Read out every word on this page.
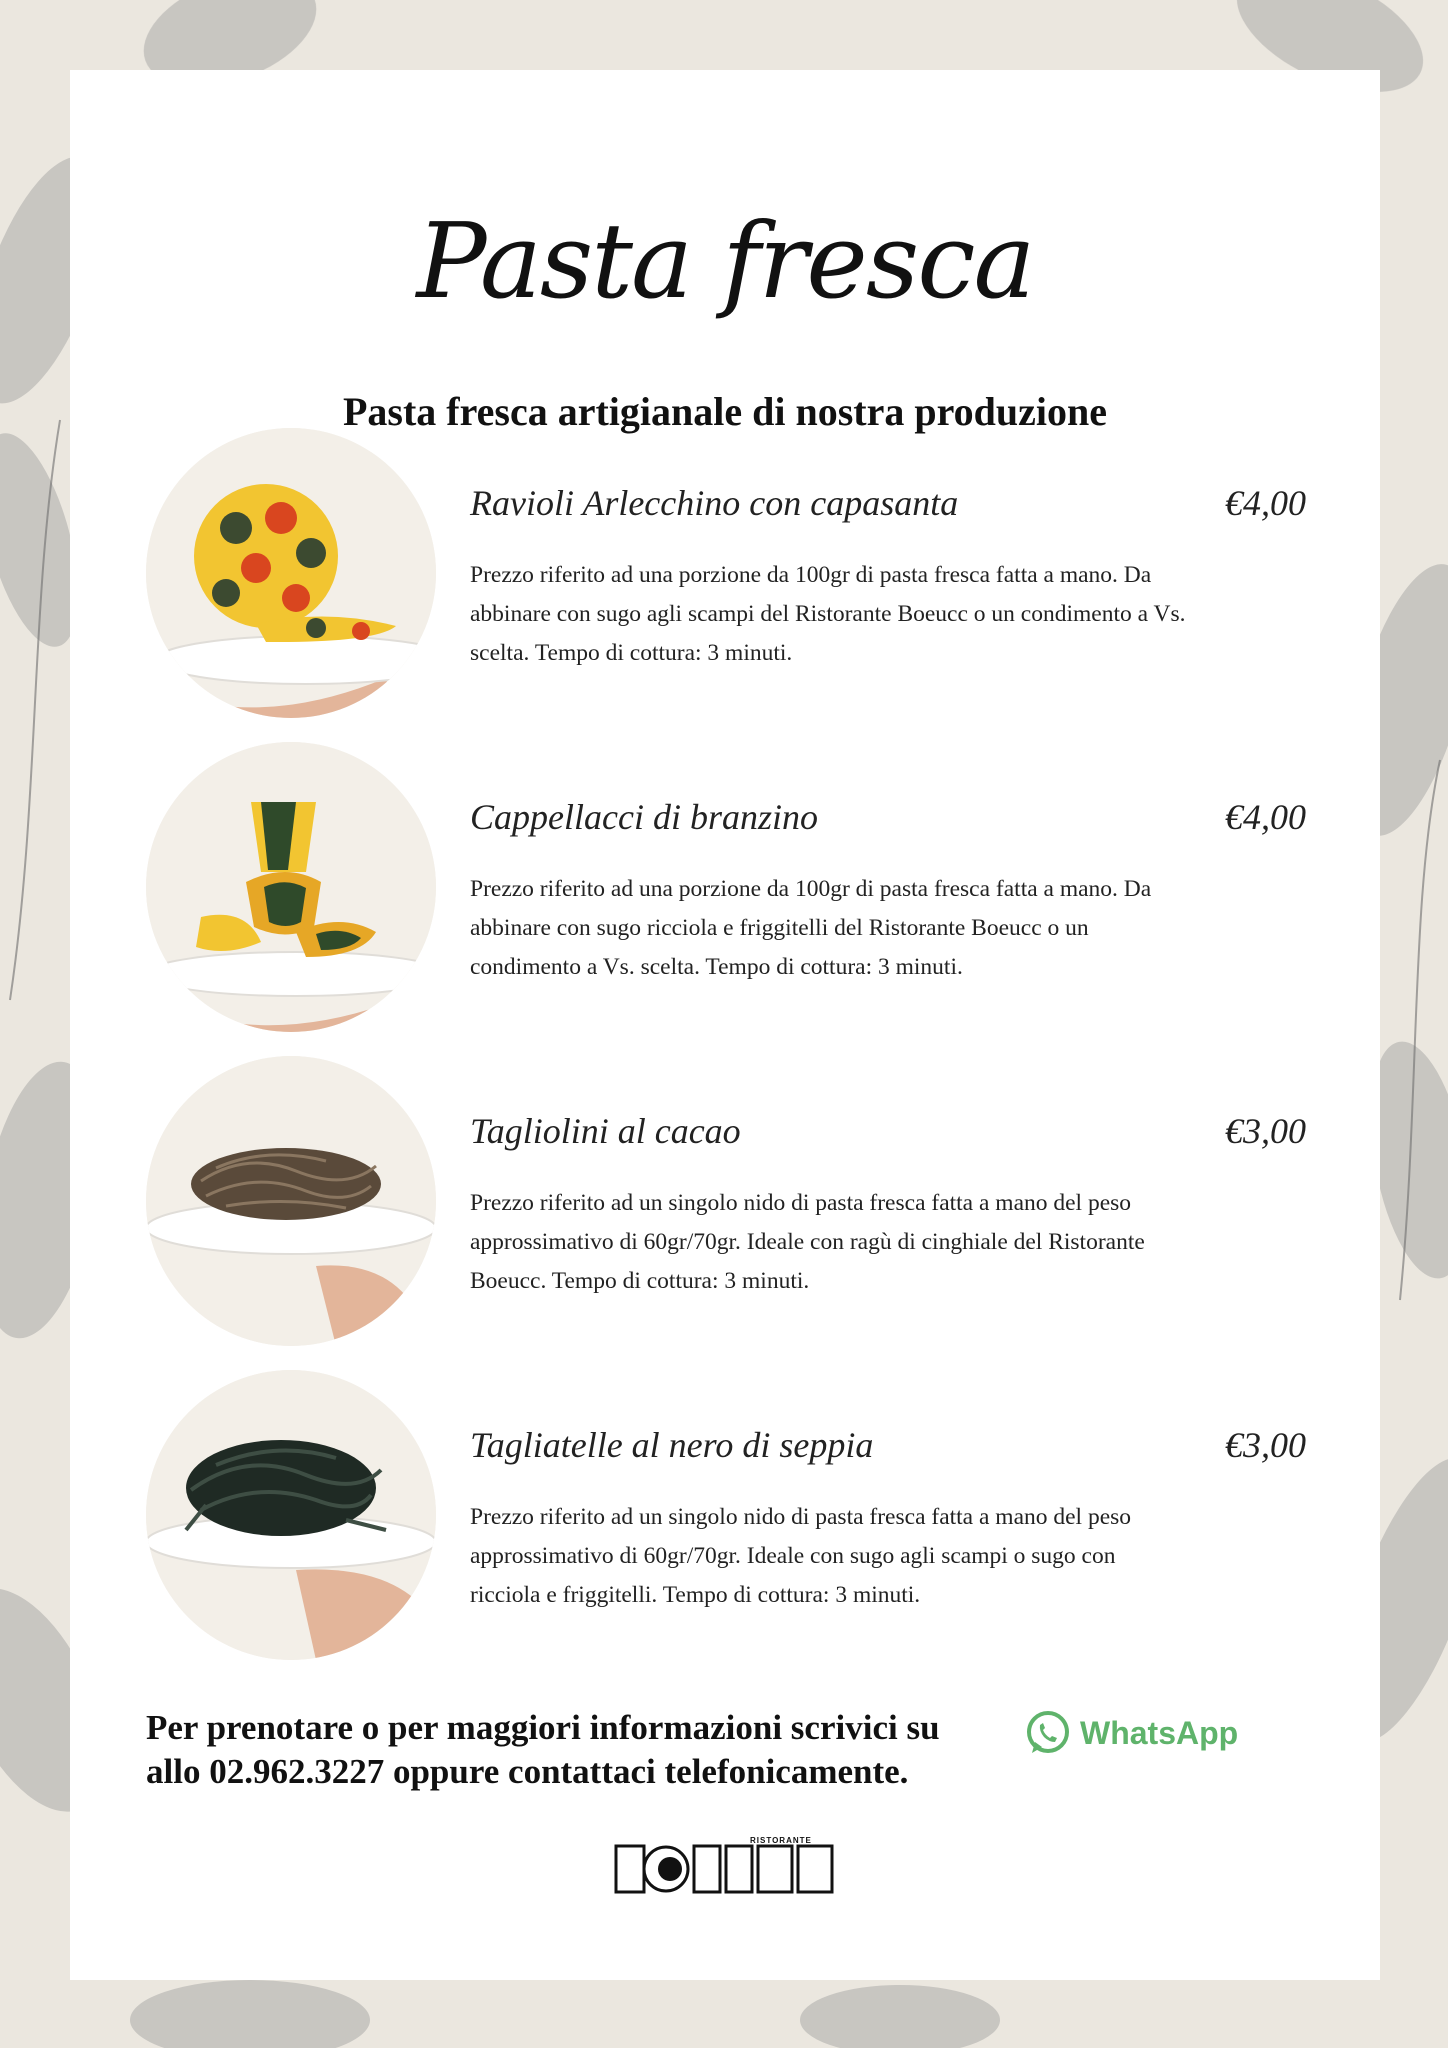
Pasta fresca
Pasta fresca artigianale di nostra produzione
Ravioli Arlecchino con capasanta	€4,00
Prezzo riferito ad una porzione da 100gr di pasta fresca fatta a mano. Da abbinare con sugo agli scampi del Ristorante Boeucc o un condimento a Vs. scelta. Tempo di cottura: 3 minuti.
Cappellacci di branzino	€4,00
Prezzo riferito ad una porzione da 100gr di pasta fresca fatta a mano. Da abbinare con sugo ricciola e friggitelli del Ristorante Boeucc o un condimento a Vs. scelta. Tempo di cottura: 3 minuti.
Tagliolini al cacao	€3,00
Prezzo riferito ad un singolo nido di pasta fresca fatta a mano del peso approssimativo di 60gr/70gr. Ideale con ragù di cinghiale del Ristorante Boeucc. Tempo di cottura: 3 minuti.
Tagliatelle al nero di seppia	€3,00
Prezzo riferito ad un singolo nido di pasta fresca fatta a mano del peso approssimativo di 60gr/70gr. Ideale con sugo agli scampi o sugo con ricciola e friggitelli. Tempo di cottura: 3 minuti.
Per prenotare o per maggiori informazioni scrivici su
allo 02.962.3227 oppure contattaci telefonicamente.
WhatsApp
RISTORANTE
